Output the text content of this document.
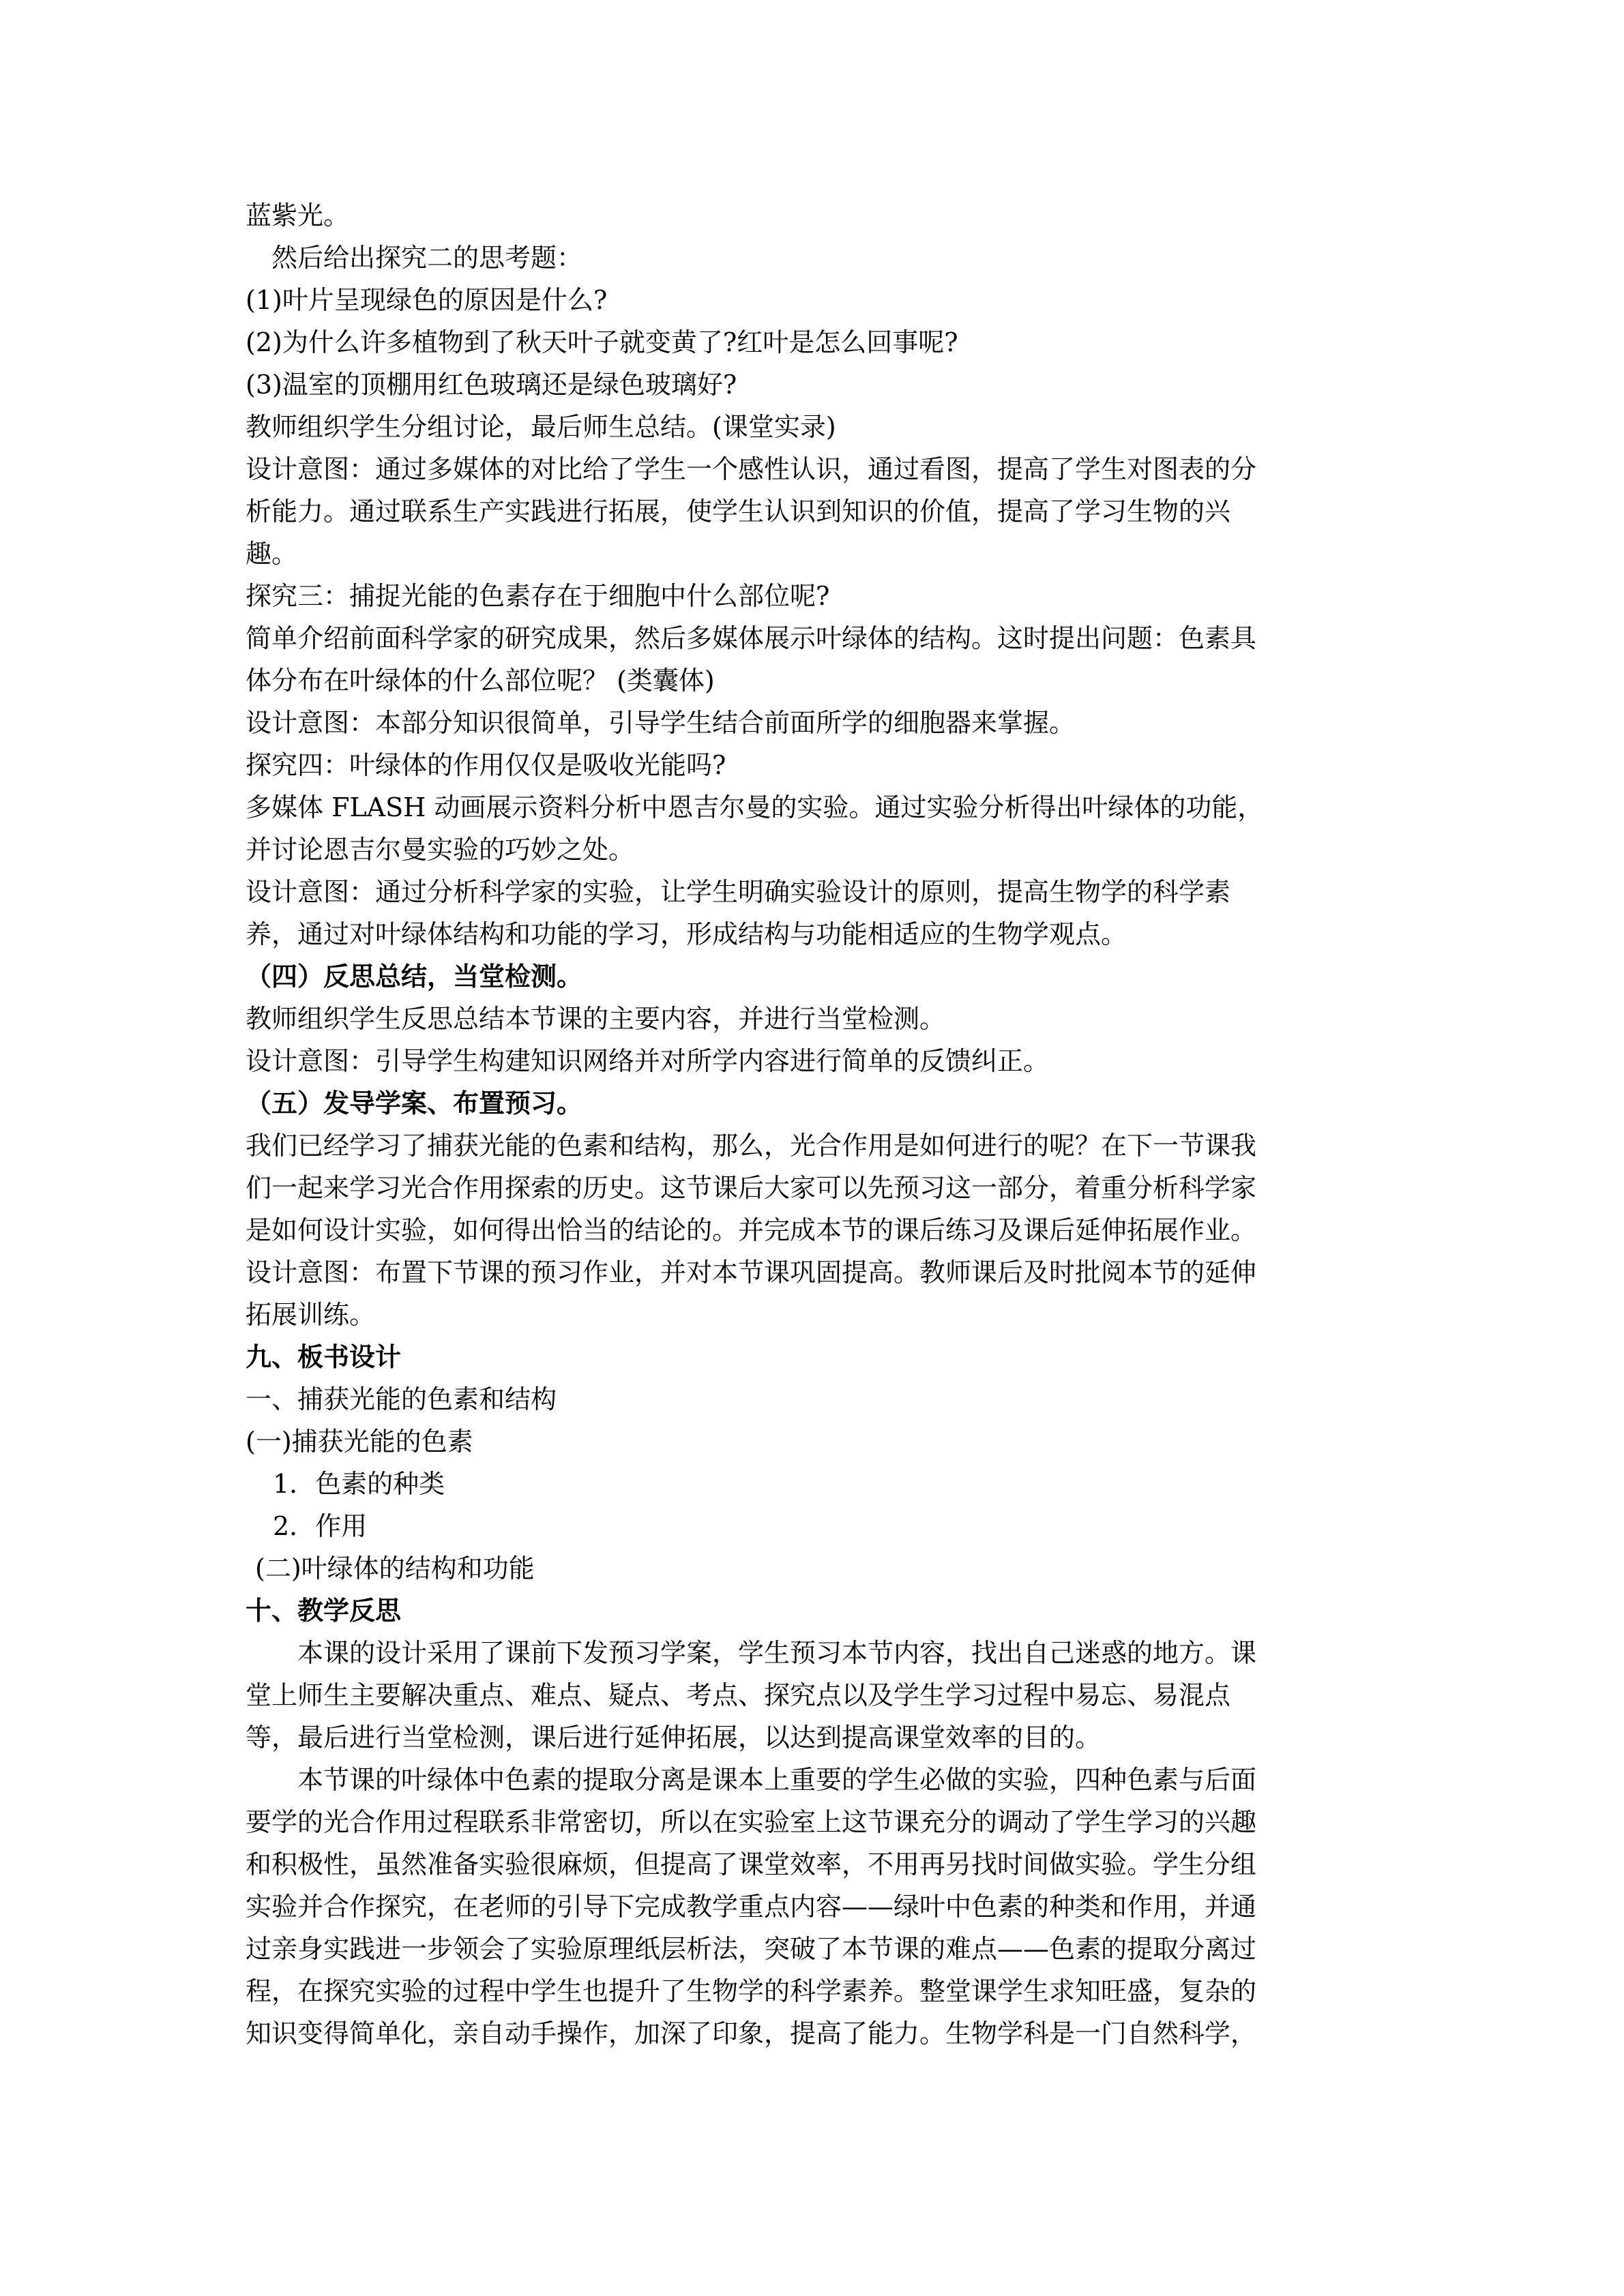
蓝紫光。
然后给出探究二的思考题：
(1)叶片呈现绿色的原因是什么?
(2)为什么许多植物到了秋天叶子就变黄了?红叶是怎么回事呢?
(3)温室的顶棚用红色玻璃还是绿色玻璃好?
教师组织学生分组讨论，最后师生总结。(课堂实录)
设计意图：通过多媒体的对比给了学生一个感性认识，通过看图，提高了学生对图表的分
析能力。通过联系生产实践进行拓展，使学生认识到知识的价值，提高了学习生物的兴
趣。
探究三：捕捉光能的色素存在于细胞中什么部位呢?
简单介绍前面科学家的研究成果，然后多媒体展示叶绿体的结构。这时提出问题：色素具
体分布在叶绿体的什么部位呢？ (类囊体)
设计意图：本部分知识很简单，引导学生结合前面所学的细胞器来掌握。
探究四：叶绿体的作用仅仅是吸收光能吗?
多媒体 FLASH 动画展示资料分析中恩吉尔曼的实验。通过实验分析得出叶绿体的功能，
并讨论恩吉尔曼实验的巧妙之处。
设计意图：通过分析科学家的实验，让学生明确实验设计的原则，提高生物学的科学素
养，通过对叶绿体结构和功能的学习，形成结构与功能相适应的生物学观点。
（四）反思总结，当堂检测。
教师组织学生反思总结本节课的主要内容，并进行当堂检测。
设计意图：引导学生构建知识网络并对所学内容进行简单的反馈纠正。
（五）发导学案、布置预习。
我们已经学习了捕获光能的色素和结构，那么，光合作用是如何进行的呢？在下一节课我
们一起来学习光合作用探索的历史。这节课后大家可以先预习这一部分，着重分析科学家
是如何设计实验，如何得出恰当的结论的。并完成本节的课后练习及课后延伸拓展作业。
设计意图：布置下节课的预习作业，并对本节课巩固提高。教师课后及时批阅本节的延伸
拓展训练。
九、板书设计
一、捕获光能的色素和结构
(一)捕获光能的色素
1．色素的种类
2．作用
(二)叶绿体的结构和功能
十、教学反思
本课的设计采用了课前下发预习学案，学生预习本节内容，找出自己迷惑的地方。课
堂上师生主要解决重点、难点、疑点、考点、探究点以及学生学习过程中易忘、易混点
等，最后进行当堂检测，课后进行延伸拓展，以达到提高课堂效率的目的。
本节课的叶绿体中色素的提取分离是课本上重要的学生必做的实验，四种色素与后面
要学的光合作用过程联系非常密切，所以在实验室上这节课充分的调动了学生学习的兴趣
和积极性，虽然准备实验很麻烦，但提高了课堂效率，不用再另找时间做实验。学生分组
实验并合作探究，在老师的引导下完成教学重点内容——绿叶中色素的种类和作用，并通
过亲身实践进一步领会了实验原理纸层析法，突破了本节课的难点——色素的提取分离过
程，在探究实验的过程中学生也提升了生物学的科学素养。整堂课学生求知旺盛，复杂的
知识变得简单化，亲自动手操作，加深了印象，提高了能力。生物学科是一门自然科学，
